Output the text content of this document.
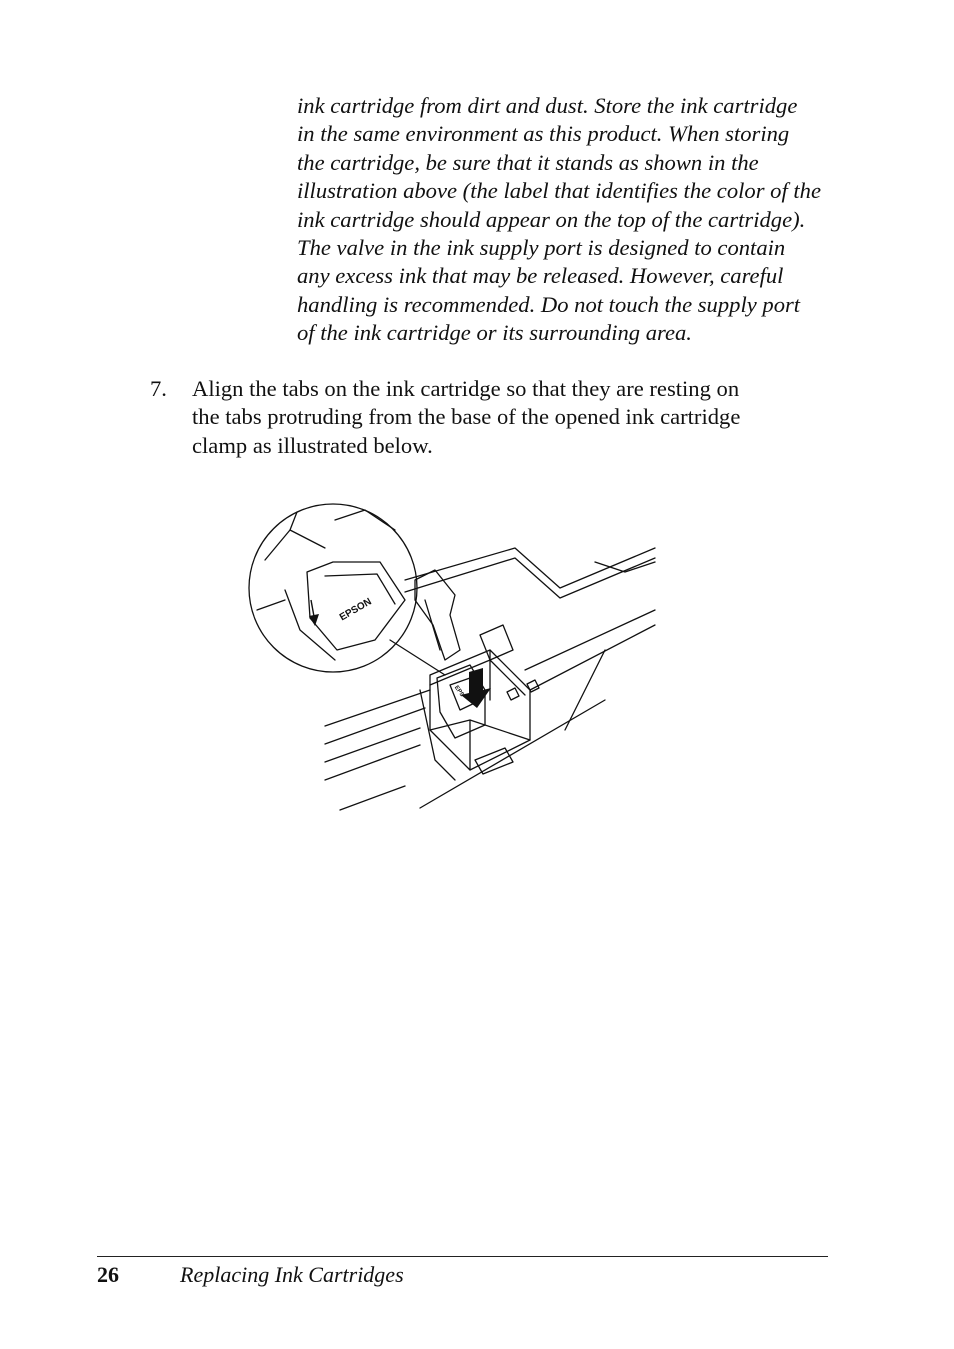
ink cartridge from dirt and dust. Store the ink cartridge
in the same environment as this product. When storing
the cartridge, be sure that it stands as shown in the
illustration above (the label that identifies the color of the
ink cartridge should appear on the top of the cartridge).
The valve in the ink supply port is designed to contain
any excess ink that may be released. However, careful
handling is recommended. Do not touch the supply port
of the ink cartridge or its surrounding area.
7. Align the tabs on the ink cartridge so that they are resting on
the tabs protruding from the base of the opened ink cartridge
clamp as illustrated below.
EPSON
EPS
26	Replacing Ink Cartridges
